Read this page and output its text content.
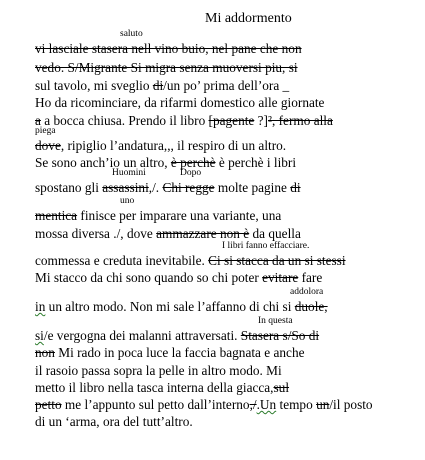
Mi addormento
saluto
vi lasciale stasera nell vino buio, nel pane che non
vedo. S/Migrante Si migra senza muoversi piu, si
sul tavolo, mi sveglio di/un po’ prima dell’ora _
Ho da ricominciare, da rifarmi domestico alle giornate
a a bocca chiusa. Prendo il libro [pagente ?]², fermo alla
piega
dove, ripiglio l’andatura,,, il respiro di un altro.
Se sono anch’io un altro, è perchè è perchè i libri
Huomini	Dopo
spostano gli assassini,/. Chi regge molte pagine di
uno
mentica finisce per imparare una variante, una
mossa diversa ./, dove ammazzare non è da quella
I libri fanno effacciare.
commessa e creduta inevitabile. Ci si stacca da un si stessi
Mi stacco da chi sono quando so chi poter evitare fare
addolora
in un altro modo. Non mi sale l’affanno di chi si duole,
In questa
si/e vergogna dei malanni attraversati. Stasera s/So di
non Mi rado in poca luce la faccia bagnata e anche
il rasoio passa sopra la pelle in altro modo. Mi
metto il libro nella tasca interna della giacca,sul
petto me l’appunto sul petto dall’interno,/.Un tempo un/il posto
di un ‘arma, ora del tutt’altro.
